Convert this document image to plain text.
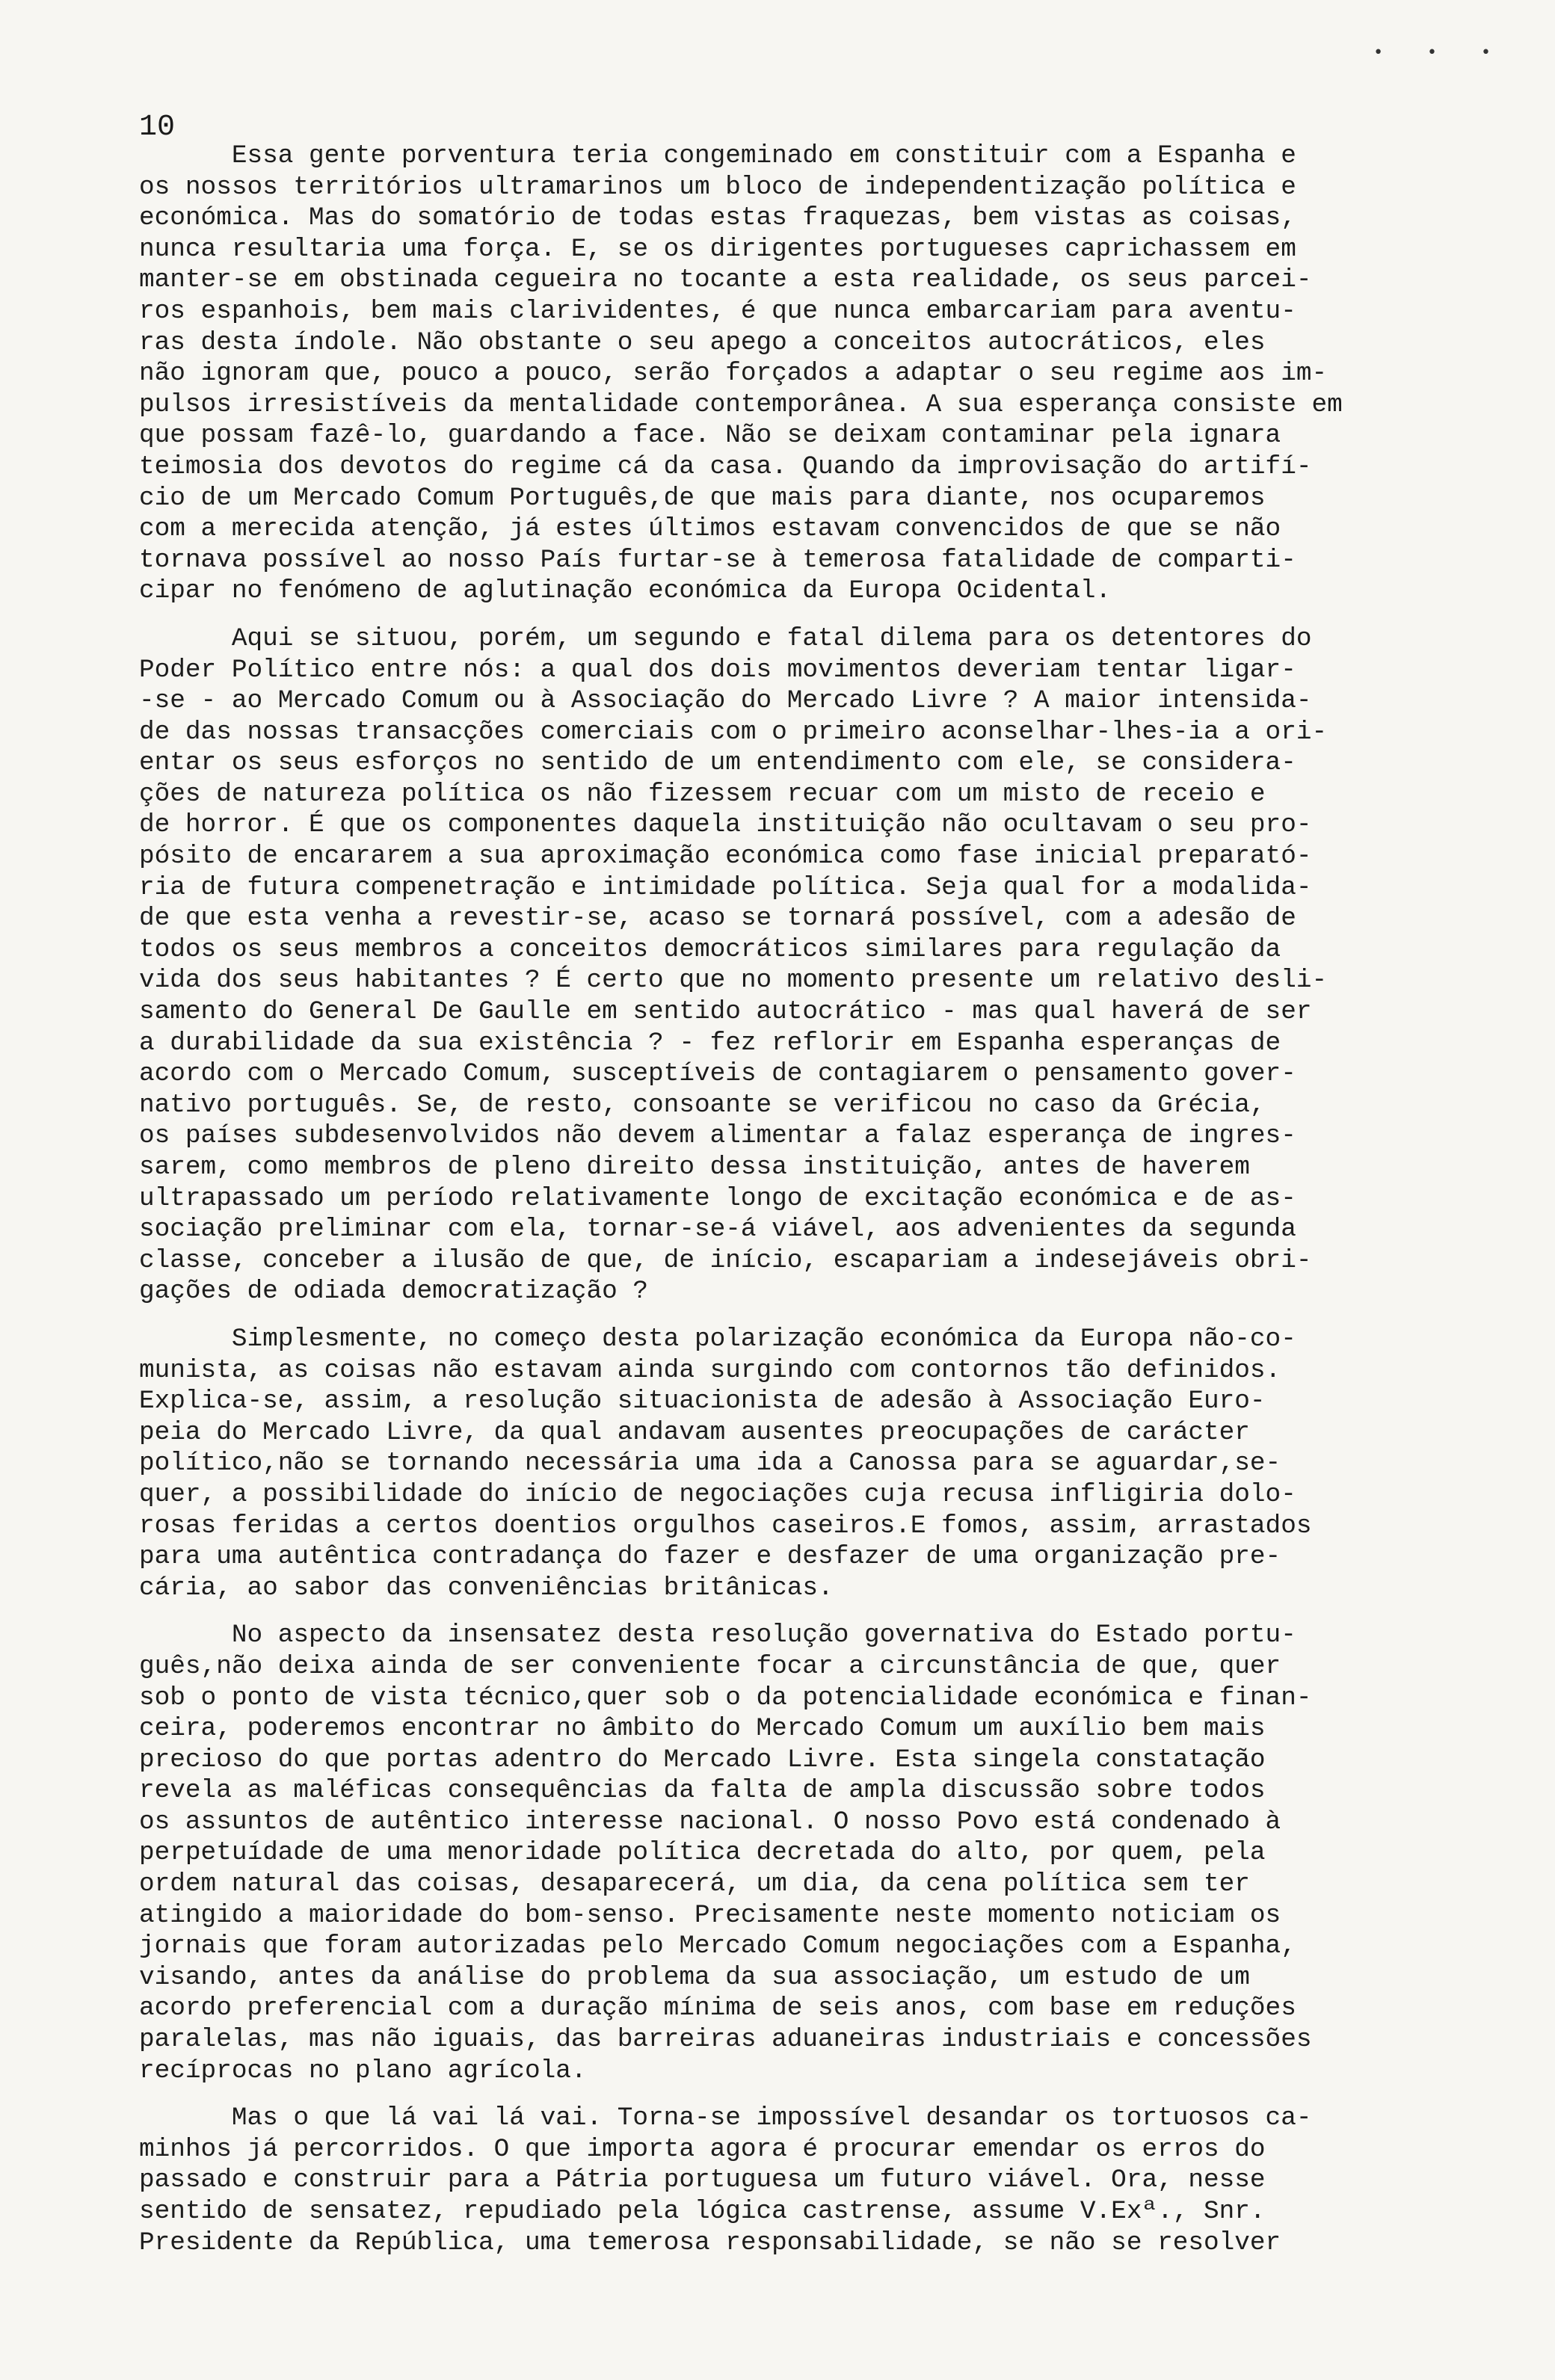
• • •
10
Essa gente porventura teria congeminado em constituir com a Espanha e
os nossos territórios ultramarinos um bloco de independentização política e
económica. Mas do somatório de todas estas fraquezas, bem vistas as coisas,
nunca resultaria uma força. E, se os dirigentes portugueses caprichassem em
manter-se em obstinada cegueira no tocante a esta realidade, os seus parcei-
ros espanhois, bem mais clarividentes, é que nunca embarcariam para aventu-
ras desta índole. Não obstante o seu apego a conceitos autocráticos, eles
não ignoram que, pouco a pouco, serão forçados a adaptar o seu regime aos im-
pulsos irresistíveis da mentalidade contemporânea. A sua esperança consiste em
que possam fazê-lo, guardando a face. Não se deixam contaminar pela ignara
teimosia dos devotos do regime cá da casa. Quando da improvisação do artifí-
cio de um Mercado Comum Português,de que mais para diante, nos ocuparemos
com a merecida atenção, já estes últimos estavam convencidos de que se não
tornava possível ao nosso País furtar-se à temerosa fatalidade de comparti-
cipar no fenómeno de aglutinação económica da Europa Ocidental.
Aqui se situou, porém, um segundo e fatal dilema para os detentores do
Poder Político entre nós: a qual dos dois movimentos deveriam tentar ligar-
-se - ao Mercado Comum ou à Associação do Mercado Livre ? A maior intensida-
de das nossas transacções comerciais com o primeiro aconselhar-lhes-ia a ori-
entar os seus esforços no sentido de um entendimento com ele, se considera-
ções de natureza política os não fizessem recuar com um misto de receio e
de horror. É que os componentes daquela instituição não ocultavam o seu pro-
pósito de encararem a sua aproximação económica como fase inicial preparató-
ria de futura compenetração e intimidade política. Seja qual for a modalida-
de que esta venha a revestir-se, acaso se tornará possível, com a adesão de
todos os seus membros a conceitos democráticos similares para regulação da
vida dos seus habitantes ? É certo que no momento presente um relativo desli-
samento do General De Gaulle em sentido autocrático - mas qual haverá de ser
a durabilidade da sua existência ? - fez reflorir em Espanha esperanças de
acordo com o Mercado Comum, susceptíveis de contagiarem o pensamento gover-
nativo português. Se, de resto, consoante se verificou no caso da Grécia,
os países subdesenvolvidos não devem alimentar a falaz esperança de ingres-
sarem, como membros de pleno direito dessa instituição, antes de haverem
ultrapassado um período relativamente longo de excitação económica e de as-
sociação preliminar com ela, tornar-se-á viável, aos advenientes da segunda
classe, conceber a ilusão de que, de início, escapariam a indesejáveis obri-
gações de odiada democratização ?
Simplesmente, no começo desta polarização económica da Europa não-co-
munista, as coisas não estavam ainda surgindo com contornos tão definidos.
Explica-se, assim, a resolução situacionista de adesão à Associação Euro-
peia do Mercado Livre, da qual andavam ausentes preocupações de carácter
político,não se tornando necessária uma ida a Canossa para se aguardar,se-
quer, a possibilidade do início de negociações cuja recusa infligiria dolo-
rosas feridas a certos doentios orgulhos caseiros.E fomos, assim, arrastados
para uma autêntica contradança do fazer e desfazer de uma organização pre-
cária, ao sabor das conveniências britânicas.
No aspecto da insensatez desta resolução governativa do Estado portu-
guês,não deixa ainda de ser conveniente focar a circunstância de que, quer
sob o ponto de vista técnico,quer sob o da potencialidade económica e finan-
ceira, poderemos encontrar no âmbito do Mercado Comum um auxílio bem mais
precioso do que portas adentro do Mercado Livre. Esta singela constatação
revela as maléficas consequências da falta de ampla discussão sobre todos
os assuntos de autêntico interesse nacional. O nosso Povo está condenado à
perpetuídade de uma menoridade política decretada do alto, por quem, pela
ordem natural das coisas, desaparecerá, um dia, da cena política sem ter
atingido a maioridade do bom-senso. Precisamente neste momento noticiam os
jornais que foram autorizadas pelo Mercado Comum negociações com a Espanha,
visando, antes da análise do problema da sua associação, um estudo de um
acordo preferencial com a duração mínima de seis anos, com base em reduções
paralelas, mas não iguais, das barreiras aduaneiras industriais e concessões
recíprocas no plano agrícola.
Mas o que lá vai lá vai. Torna-se impossível desandar os tortuosos ca-
minhos já percorridos. O que importa agora é procurar emendar os erros do
passado e construir para a Pátria portuguesa um futuro viável. Ora, nesse
sentido de sensatez, repudiado pela lógica castrense, assume V.Exª., Snr.
Presidente da República, uma temerosa responsabilidade, se não se resolver
